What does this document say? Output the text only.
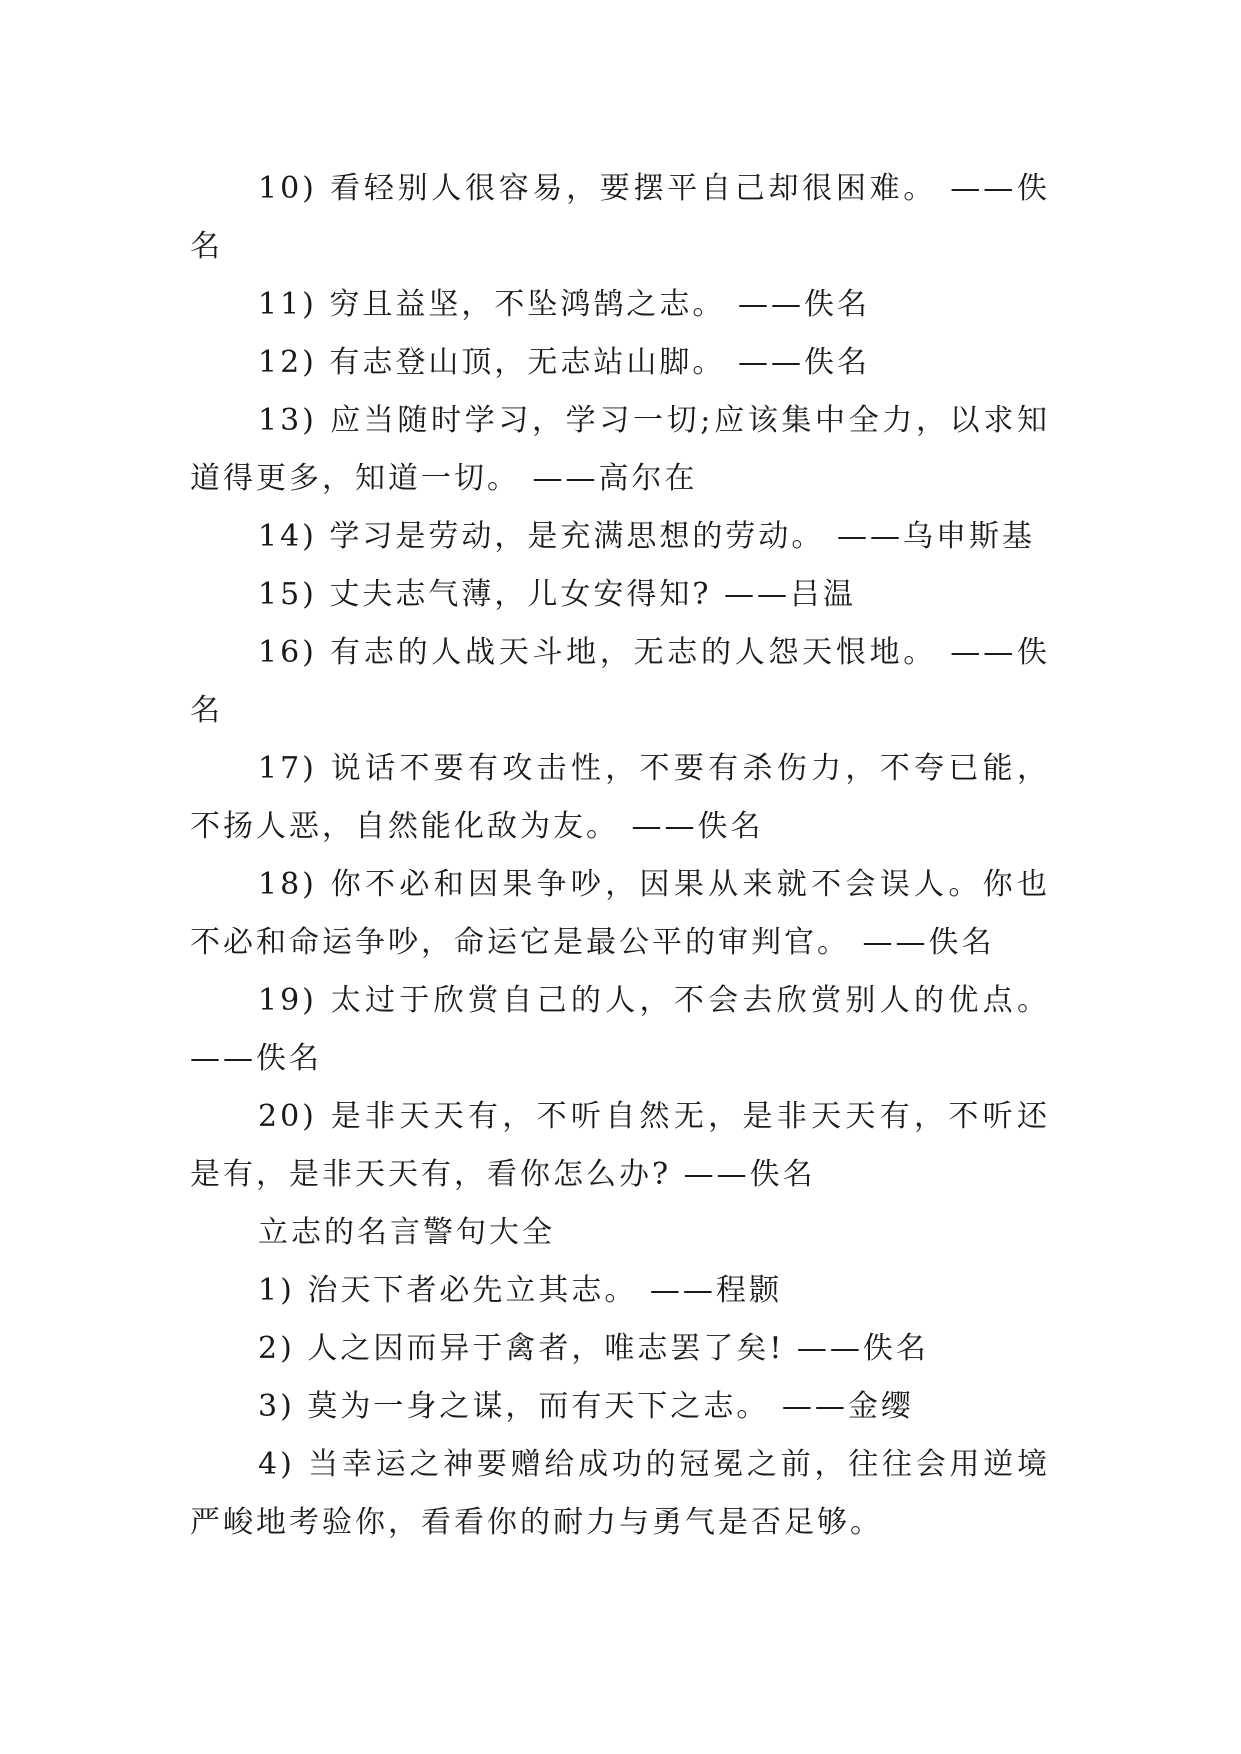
10) 看轻别人很容易，要摆平自己却很困难。 ——佚名

11) 穷且益坚，不坠鸿鹄之志。 ——佚名

12) 有志登山顶，无志站山脚。 ——佚名

13) 应当随时学习，学习一切;应该集中全力，以求知道得更多，知道一切。 ——高尔在

14) 学习是劳动，是充满思想的劳动。 ——乌申斯基

15) 丈夫志气薄，儿女安得知? ——吕温

16) 有志的人战天斗地，无志的人怨天恨地。 ——佚名

17) 说话不要有攻击性，不要有杀伤力，不夸已能，不扬人恶，自然能化敌为友。 ——佚名

18) 你不必和因果争吵，因果从来就不会误人。你也不必和命运争吵，命运它是最公平的审判官。 ——佚名

19) 太过于欣赏自己的人，不会去欣赏别人的优点。 ——佚名

20) 是非天天有，不听自然无，是非天天有，不听还是有，是非天天有，看你怎么办? ——佚名

立志的名言警句大全

1) 治天下者必先立其志。 ——程颢

2) 人之因而异于禽者，唯志罢了矣! ——佚名

3) 莫为一身之谋，而有天下之志。 ——金缨

4) 当幸运之神要赠给成功的冠冕之前，往往会用逆境严峻地考验你，看看你的耐力与勇气是否足够。
